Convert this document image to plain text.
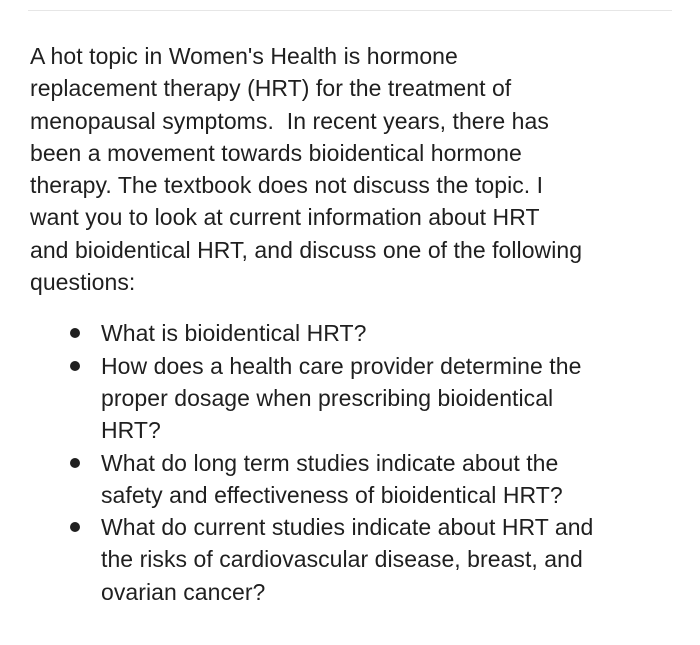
A hot topic in Women's Health is hormone
replacement therapy (HRT) for the treatment of
menopausal symptoms.  In recent years, there has
been a movement towards bioidentical hormone
therapy. The textbook does not discuss the topic. I
want you to look at current information about HRT
and bioidentical HRT, and discuss one of the following
questions:

What is bioidentical HRT?
How does a health care provider determine the
proper dosage when prescribing bioidentical
HRT?
What do long term studies indicate about the
safety and effectiveness of bioidentical HRT?
What do current studies indicate about HRT and
the risks of cardiovascular disease, breast, and
ovarian cancer?
